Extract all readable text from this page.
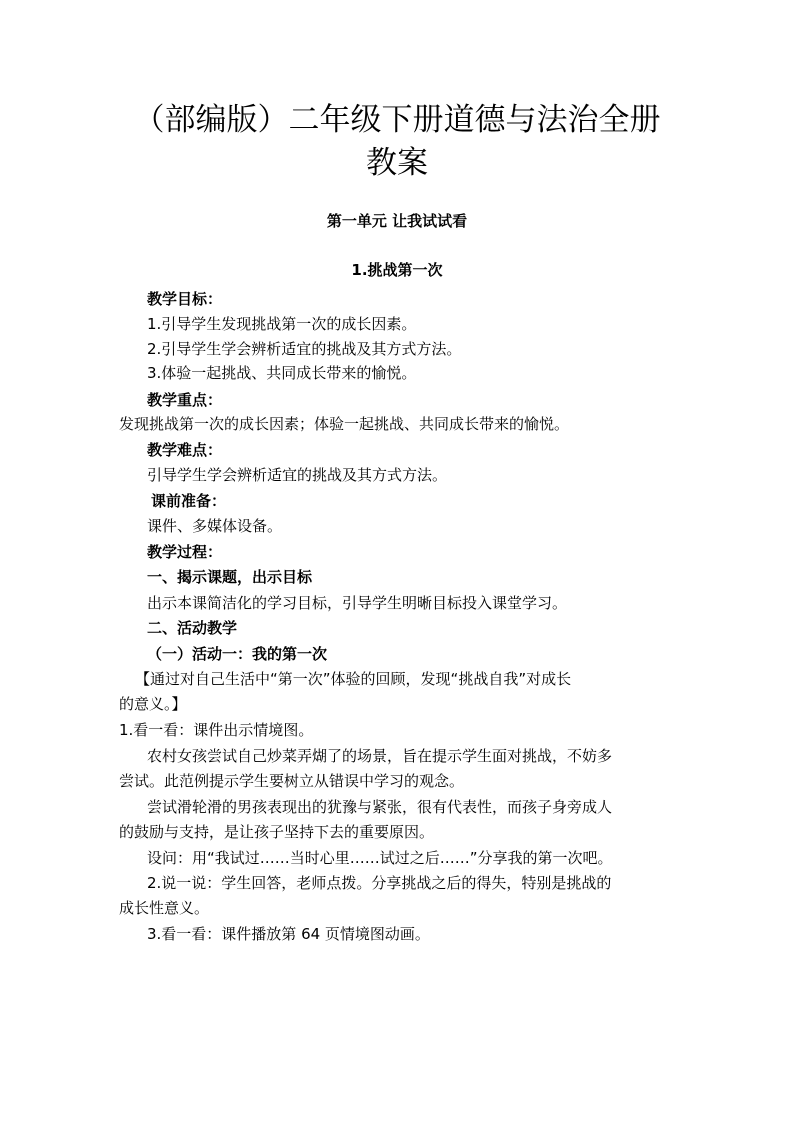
（部编版）二年级下册道德与法治全册
教案
第一单元 让我试试看
1.挑战第一次
教学目标：
1.引导学生发现挑战第一次的成长因素。
2.引导学生学会辨析适宜的挑战及其方式方法。
3.体验一起挑战、共同成长带来的愉悦。
教学重点：
发现挑战第一次的成长因素；体验一起挑战、共同成长带来的愉悦。
教学难点：
引导学生学会辨析适宜的挑战及其方式方法。
课前准备：
课件、多媒体设备。
教学过程：
一、揭示课题，出示目标
出示本课简洁化的学习目标，引导学生明晰目标投入课堂学习。
二、活动教学
（一）活动一：我的第一次
【通过对自己生活中“第一次”体验的回顾，发现“挑战自我”对成长
的意义。】
1.看一看：课件出示情境图。
农村女孩尝试自己炒菜弄煳了的场景，旨在提示学生面对挑战，不妨多
尝试。此范例提示学生要树立从错误中学习的观念。
尝试滑轮滑的男孩表现出的犹豫与紧张，很有代表性，而孩子身旁成人
的鼓励与支持，是让孩子坚持下去的重要原因。
设问：用“我试过……当时心里……试过之后……”分享我的第一次吧。
2.说一说：学生回答，老师点拨。分享挑战之后的得失，特别是挑战的
成长性意义。
3.看一看：课件播放第 64 页情境图动画。
